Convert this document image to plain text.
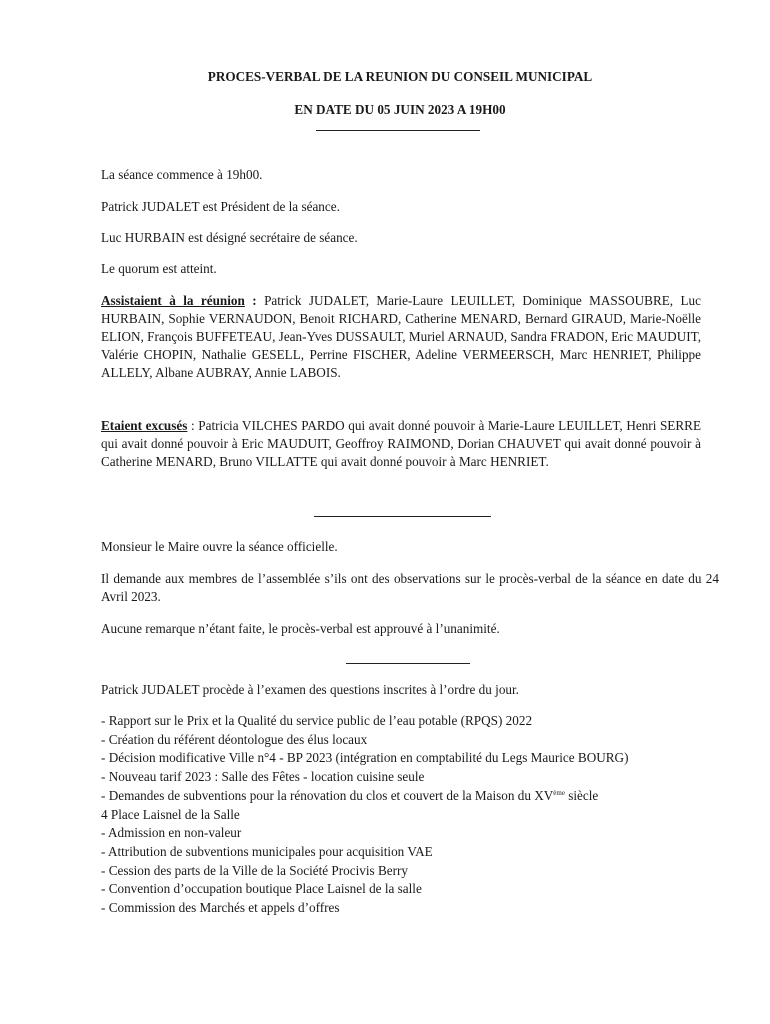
PROCES-VERBAL DE LA REUNION DU CONSEIL MUNICIPAL
EN DATE DU 05 JUIN 2023 A 19H00
La séance commence à 19h00.
Patrick JUDALET est Président de la séance.
Luc HURBAIN est désigné secrétaire de séance.
Le quorum est atteint.
Assistaient à la réunion : Patrick JUDALET, Marie-Laure LEUILLET, Dominique MASSOUBRE, Luc HURBAIN, Sophie VERNAUDON, Benoit RICHARD, Catherine MENARD, Bernard GIRAUD, Marie-Noëlle ELION, François BUFFETEAU, Jean-Yves DUSSAULT, Muriel ARNAUD, Sandra FRADON, Eric MAUDUIT, Valérie CHOPIN, Nathalie GESELL, Perrine FISCHER, Adeline VERMEERSCH, Marc HENRIET, Philippe ALLELY, Albane AUBRAY, Annie LABOIS.
Etaient excusés : Patricia VILCHES PARDO qui avait donné pouvoir à Marie-Laure LEUILLET, Henri SERRE qui avait donné pouvoir à Eric MAUDUIT, Geoffroy RAIMOND, Dorian CHAUVET qui avait donné pouvoir à Catherine MENARD, Bruno VILLATTE qui avait donné pouvoir à Marc HENRIET.
Monsieur le Maire ouvre la séance officielle.
Il demande aux membres de l’assemblée s’ils ont des observations sur le procès-verbal de la séance en date du 24 Avril 2023.
Aucune remarque n’étant faite, le procès-verbal est approuvé à l’unanimité.
Patrick JUDALET procède à l’examen des questions inscrites à l’ordre du jour.
- Rapport sur le Prix et la Qualité du service public de l’eau potable (RPQS) 2022
- Création du référent déontologue des élus locaux
- Décision modificative Ville n°4 - BP 2023 (intégration en comptabilité du Legs Maurice BOURG)
- Nouveau tarif 2023 : Salle des Fêtes - location cuisine seule
- Demandes de subventions pour la rénovation du clos et couvert de la Maison du XVème siècle
4 Place Laisnel de la Salle
- Admission en non-valeur
- Attribution de subventions municipales pour acquisition VAE
- Cession des parts de la Ville de la Société Procivis Berry
- Convention d’occupation boutique Place Laisnel de la salle
- Commission des Marchés et appels d’offres
